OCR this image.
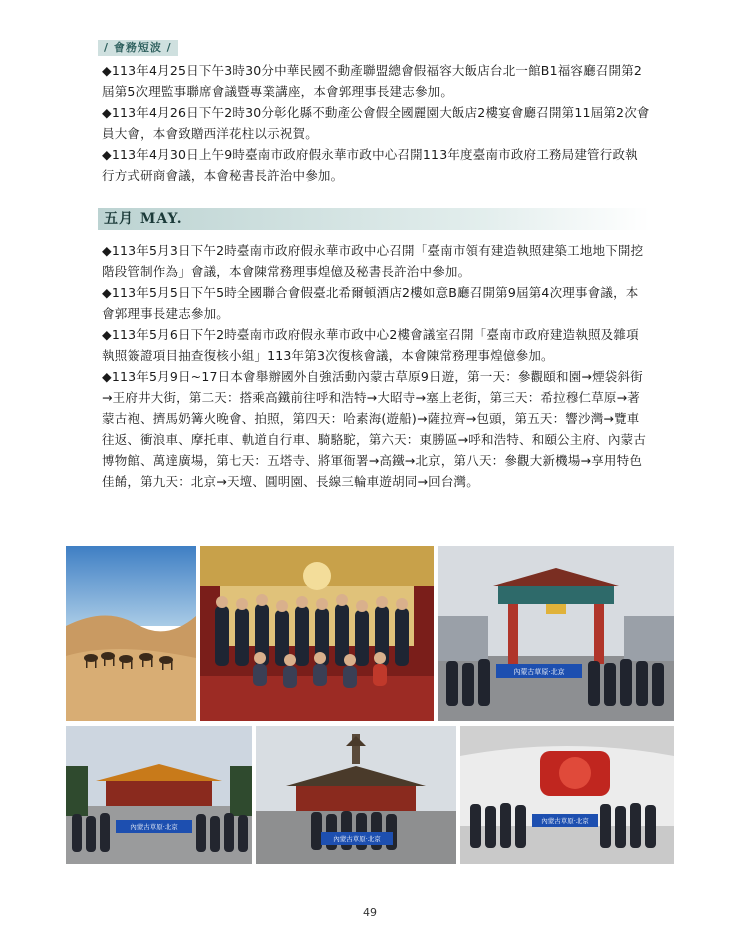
/ 會務短波 /

◆113年4月25日下午3時30分中華民國不動產聯盟總會假福容大飯店台北一館B1福容廳召開第2屆第5次理監事聯席會議暨專業講座，本會郭理事長建志參加。

◆113年4月26日下午2時30分彰化縣不動產公會假全國麗園大飯店2樓宴會廳召開第11屆第2次會員大會，本會致贈西洋花柱以示祝賀。

◆113年4月30日上午9時臺南市政府假永華市政中心召開113年度臺南市政府工務局建管行政執行方式研商會議，本會秘書長許治中參加。

五月 MAY.

◆113年5月3日下午2時臺南市政府假永華市政中心召開「臺南市領有建造執照建築工地地下開挖階段管制作為」會議，本會陳常務理事煌億及秘書長許治中參加。

◆113年5月5日下午5時全國聯合會假臺北希爾頓酒店2樓如意B廳召開第9屆第4次理事會議，本會郭理事長建志參加。

◆113年5月6日下午2時臺南市政府假永華市政中心2樓會議室召開「臺南市政府建造執照及雜項執照簽證項目抽查復核小組」113年第3次復核會議，本會陳常務理事煌億參加。

◆113年5月9日~17日本會舉辦國外自強活動內蒙古草原9日遊，第一天：參觀頤和園→煙袋斜街→王府井大街，第二天：搭乘高鐵前往呼和浩特→大昭寺→塞上老街，第三天：希拉穆仁草原→著蒙古袍、擠馬奶篝火晚會、拍照，第四天：哈素海(遊船)→薩拉齊→包頭，第五天：響沙灣→覽車往返、衝浪車、摩托車、軌道自行車、騎駱駝，第六天：東勝區→呼和浩特、和頤公主府、內蒙古博物館、萬達廣場，第七天：五塔寺、將軍衙署→高鐵→北京，第八天：參觀大新機場→享用特色佳餚，第九天：北京→天壇、圓明園、長線三輪車遊胡同→回台灣。

內蒙古草原·北京
內蒙古草原·北京
內蒙古草原·北京
內蒙古草原·北京
49
